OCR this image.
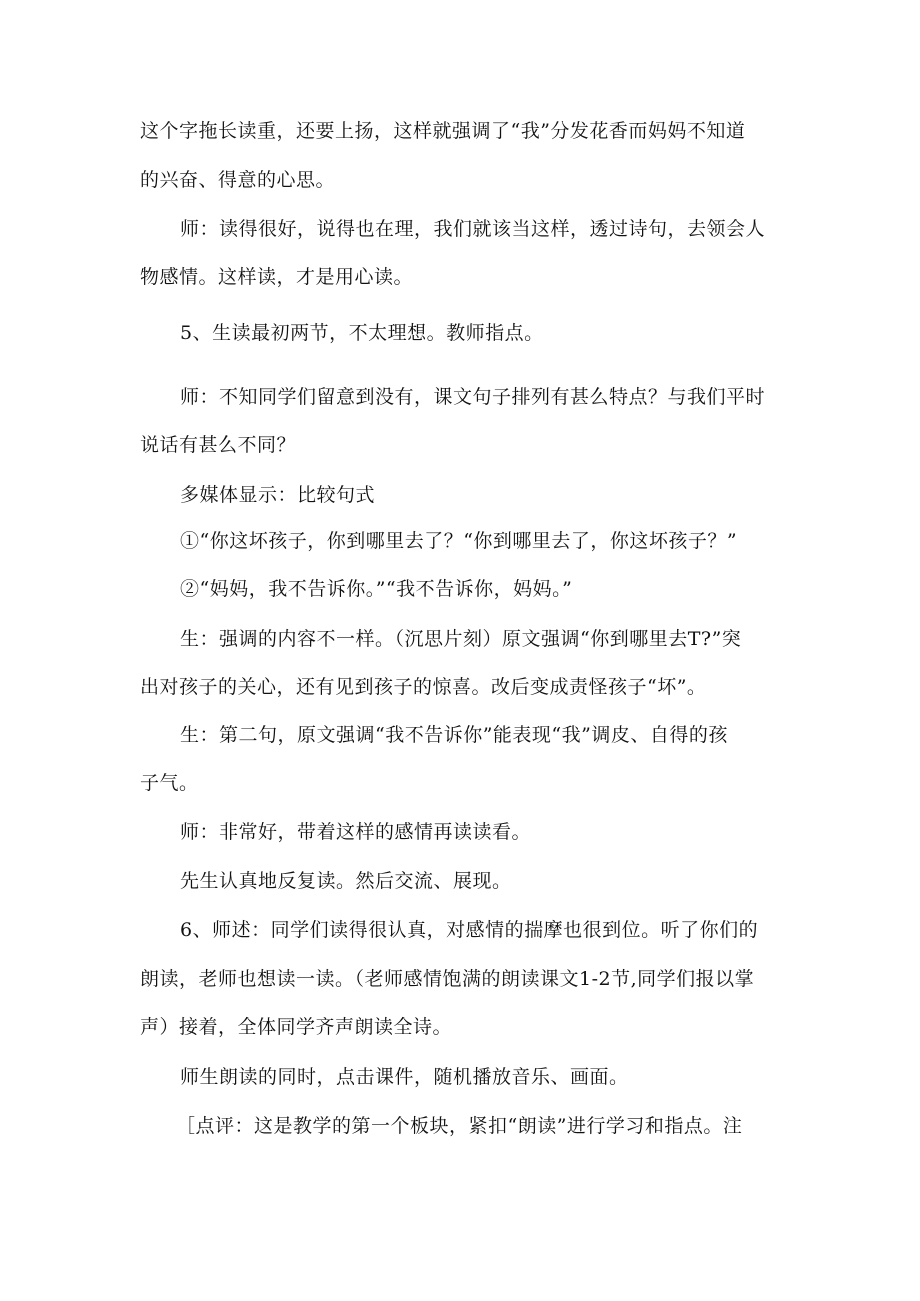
这个字拖长读重，还要上扬，这样就强调了“我”分发花香而妈妈不知道
的兴奋、得意的心思。
师：读得很好，说得也在理，我们就该当这样，透过诗句，去领会人
物感情。这样读，才是用心读。
5、生读最初两节，不太理想。教师指点。
师：不知同学们留意到没有，课文句子排列有甚么特点？与我们平时
说话有甚么不同？
多媒体显示：比较句式
①“你这坏孩子，你到哪里去了？“你到哪里去了，你这坏孩子？”
②“妈妈，我不告诉你。”“我不告诉你，妈妈。”
生：强调的内容不一样。（沉思片刻）原文强调“你到哪里去T?”突
出对孩子的关心，还有见到孩子的惊喜。改后变成责怪孩子“坏”。
生：第二句，原文强调“我不告诉你”能表现“我”调皮、自得的孩
子气。
师：非常好，带着这样的感情再读读看。
先生认真地反复读。然后交流、展现。
6、师述：同学们读得很认真，对感情的揣摩也很到位。听了你们的
朗读，老师也想读一读。（老师感情饱满的朗读课文1-2节,同学们报以掌
声）接着，全体同学齐声朗读全诗。
师生朗读的同时，点击课件，随机播放音乐、画面。
［点评：这是教学的第一个板块，紧扣“朗读”进行学习和指点。注
